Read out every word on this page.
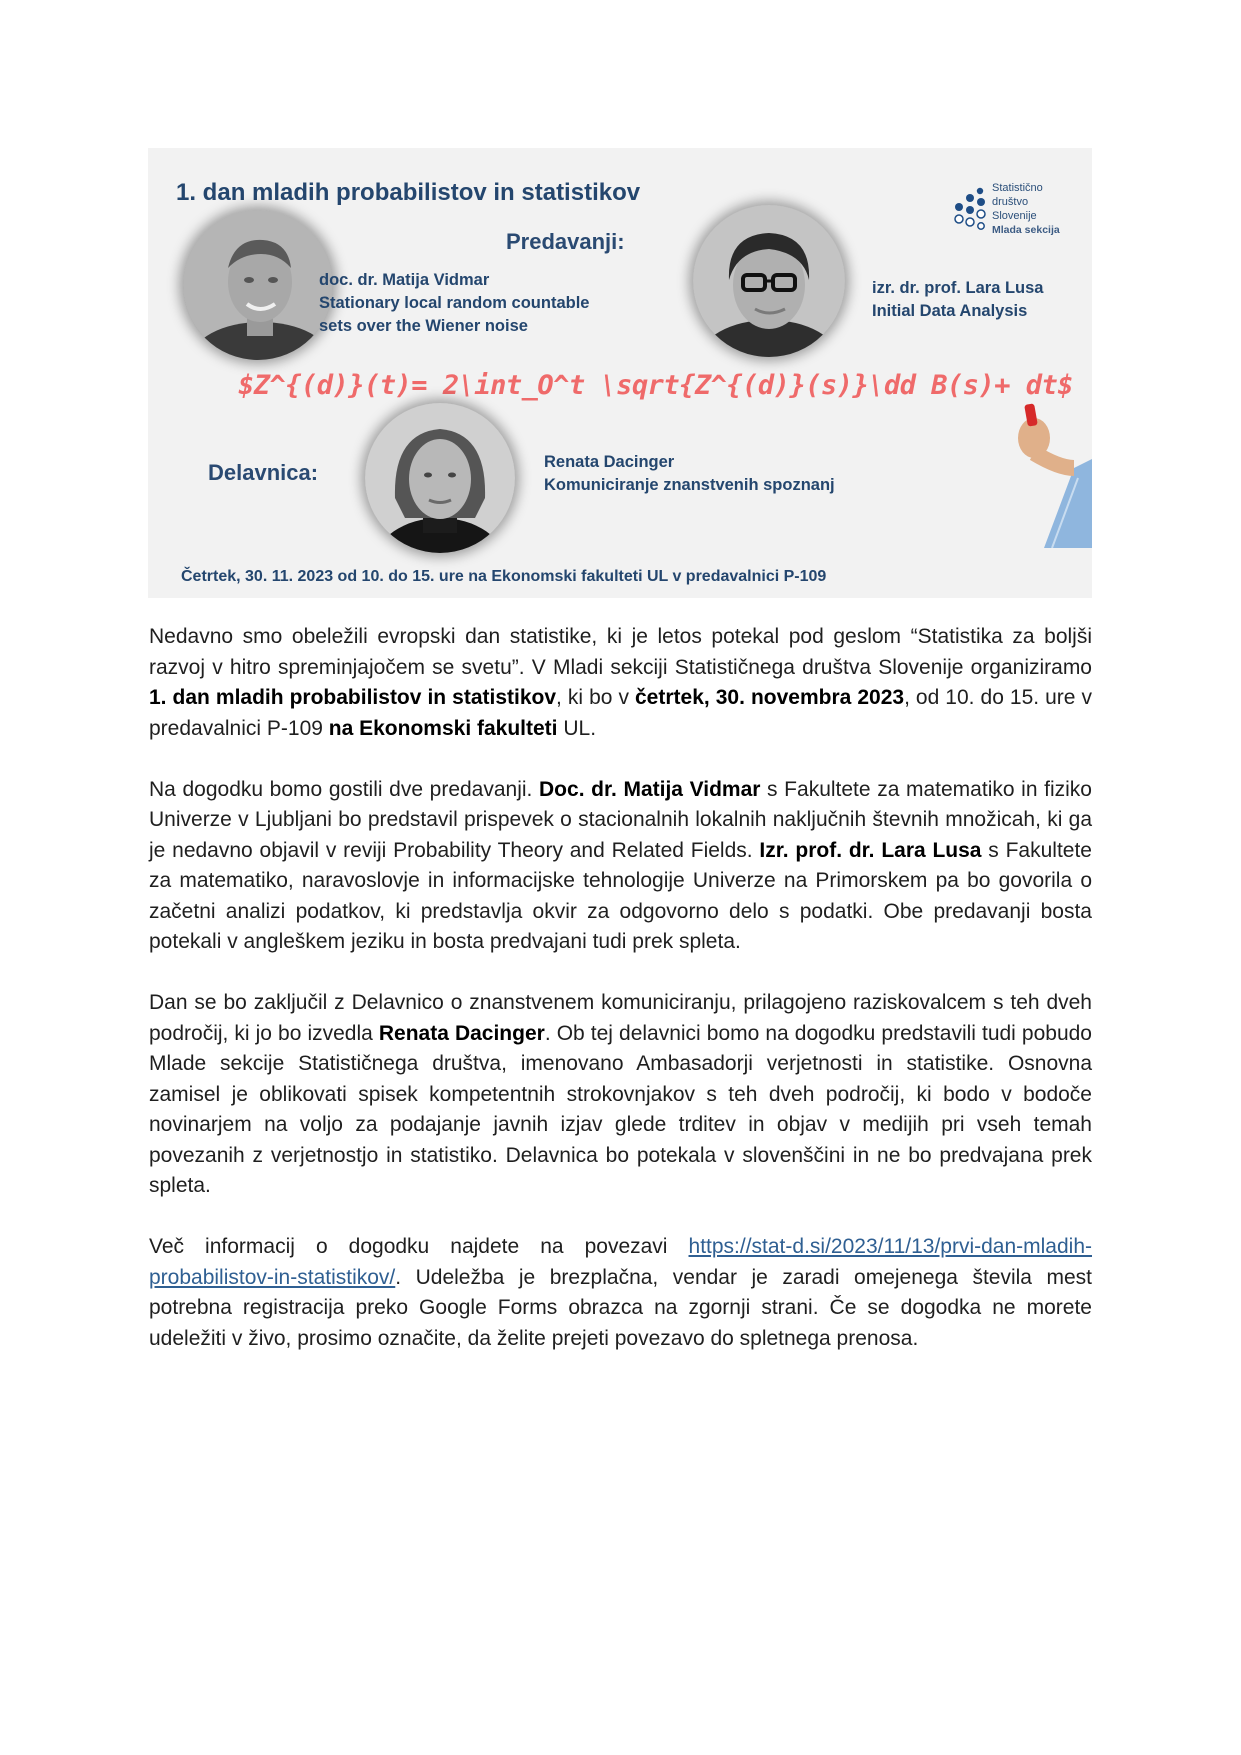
1. dan mladih probabilistov in statistikov	Statistično
društvo
Slovenije
Mlada sekcija
Predavanji:
doc. dr. Matija Vidmar
Stationary local random countable
sets over the Wiener noise
izr. dr. prof. Lara Lusa
Initial Data Analysis
$Z^{(d)}(t)= 2\int_O^t \sqrt{Z^{(d)}(s)}\dd B(s)+ dt$
Delavnica:	Renata Dacinger
Komuniciranje znanstvenih spoznanj
Četrtek, 30. 11. 2023 od 10. do 15. ure na Ekonomski fakulteti UL v predavalnici P-109

Nedavno smo obeležili evropski dan statistike, ki je letos potekal pod geslom “Statistika za boljši razvoj v hitro spreminjajočem se svetu”. V Mladi sekciji Statističnega društva Slovenije organiziramo 1. dan mladih probabilistov in statistikov, ki bo v četrtek, 30. novembra 2023, od 10. do 15. ure v predavalnici P-109 na Ekonomski fakulteti UL.

Na dogodku bomo gostili dve predavanji. Doc. dr. Matija Vidmar s Fakultete za matematiko in fiziko Univerze v Ljubljani bo predstavil prispevek o stacionalnih lokalnih naključnih števnih množicah, ki ga je nedavno objavil v reviji Probability Theory and Related Fields. Izr. prof. dr. Lara Lusa s Fakultete za matematiko, naravoslovje in informacijske tehnologije Univerze na Primorskem pa bo govorila o začetni analizi podatkov, ki predstavlja okvir za odgovorno delo s podatki. Obe predavanji bosta potekali v angleškem jeziku in bosta predvajani tudi prek spleta.

Dan se bo zaključil z Delavnico o znanstvenem komuniciranju, prilagojeno raziskovalcem s teh dveh področij, ki jo bo izvedla Renata Dacinger. Ob tej delavnici bomo na dogodku predstavili tudi pobudo Mlade sekcije Statističnega društva, imenovano Ambasadorji verjetnosti in statistike. Osnovna zamisel je oblikovati spisek kompetentnih strokovnjakov s teh dveh področij, ki bodo v bodoče novinarjem na voljo za podajanje javnih izjav glede trditev in objav v medijih pri vseh temah povezanih z verjetnostjo in statistiko. Delavnica bo potekala v slovenščini in ne bo predvajana prek spleta.

Več informacij o dogodku najdete na povezavi https://stat-d.si/2023/11/13/prvi-dan-mladih-probabilistov-in-statistikov/. Udeležba je brezplačna, vendar je zaradi omejenega števila mest potrebna registracija preko Google Forms obrazca na zgornji strani. Če se dogodka ne morete udeležiti v živo, prosimo označite, da želite prejeti povezavo do spletnega prenosa.
